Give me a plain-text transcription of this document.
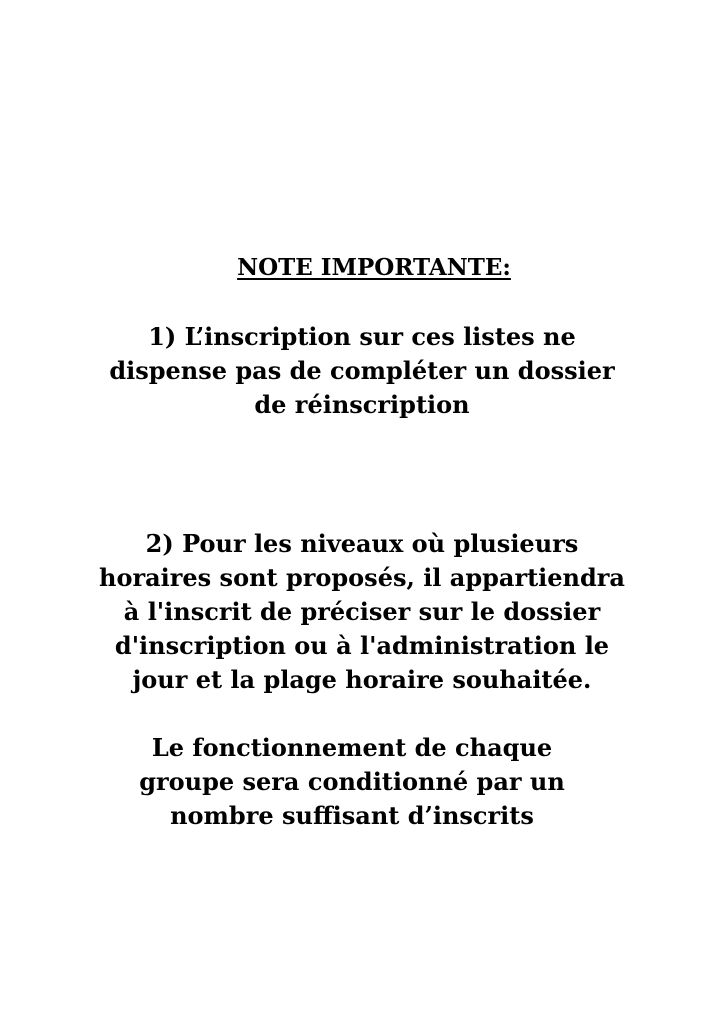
NOTE IMPORTANTE:
1) L’inscription sur ces listes ne
dispense pas de compléter un dossier
de réinscription
2) Pour les niveaux où plusieurs
horaires sont proposés, il appartiendra
à l'inscrit de préciser sur le dossier
d'inscription ou à l'administration le
jour et la plage horaire souhaitée.
Le fonctionnement de chaque
groupe sera conditionné par un
nombre suffisant d’inscrits
